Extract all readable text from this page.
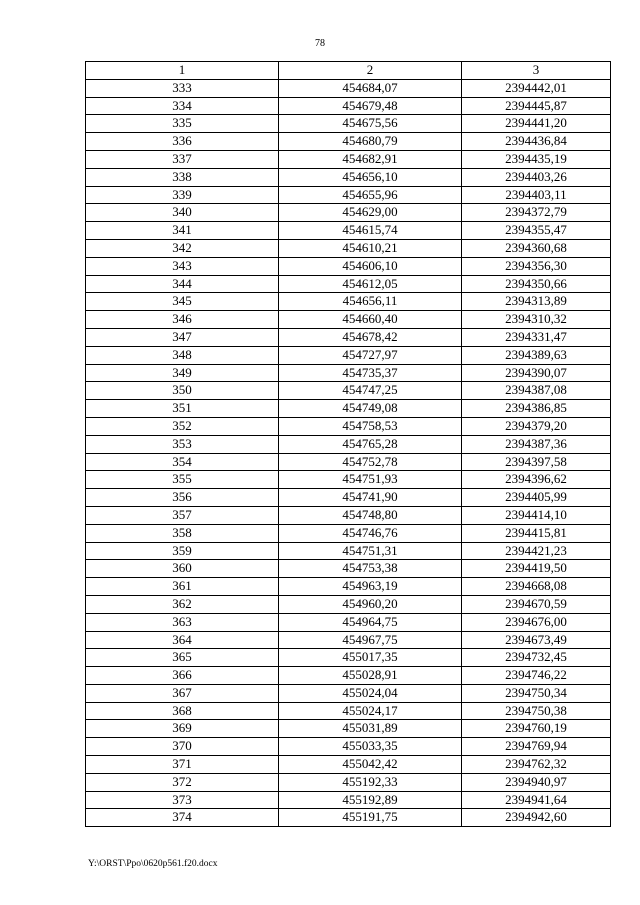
78
1	2	3
333	454684,07	2394442,01
334	454679,48	2394445,87
335	454675,56	2394441,20
336	454680,79	2394436,84
337	454682,91	2394435,19
338	454656,10	2394403,26
339	454655,96	2394403,11
340	454629,00	2394372,79
341	454615,74	2394355,47
342	454610,21	2394360,68
343	454606,10	2394356,30
344	454612,05	2394350,66
345	454656,11	2394313,89
346	454660,40	2394310,32
347	454678,42	2394331,47
348	454727,97	2394389,63
349	454735,37	2394390,07
350	454747,25	2394387,08
351	454749,08	2394386,85
352	454758,53	2394379,20
353	454765,28	2394387,36
354	454752,78	2394397,58
355	454751,93	2394396,62
356	454741,90	2394405,99
357	454748,80	2394414,10
358	454746,76	2394415,81
359	454751,31	2394421,23
360	454753,38	2394419,50
361	454963,19	2394668,08
362	454960,20	2394670,59
363	454964,75	2394676,00
364	454967,75	2394673,49
365	455017,35	2394732,45
366	455028,91	2394746,22
367	455024,04	2394750,34
368	455024,17	2394750,38
369	455031,89	2394760,19
370	455033,35	2394769,94
371	455042,42	2394762,32
372	455192,33	2394940,97
373	455192,89	2394941,64
374	455191,75	2394942,60
Y:\ORST\Ppo\0620p561.f20.docx
